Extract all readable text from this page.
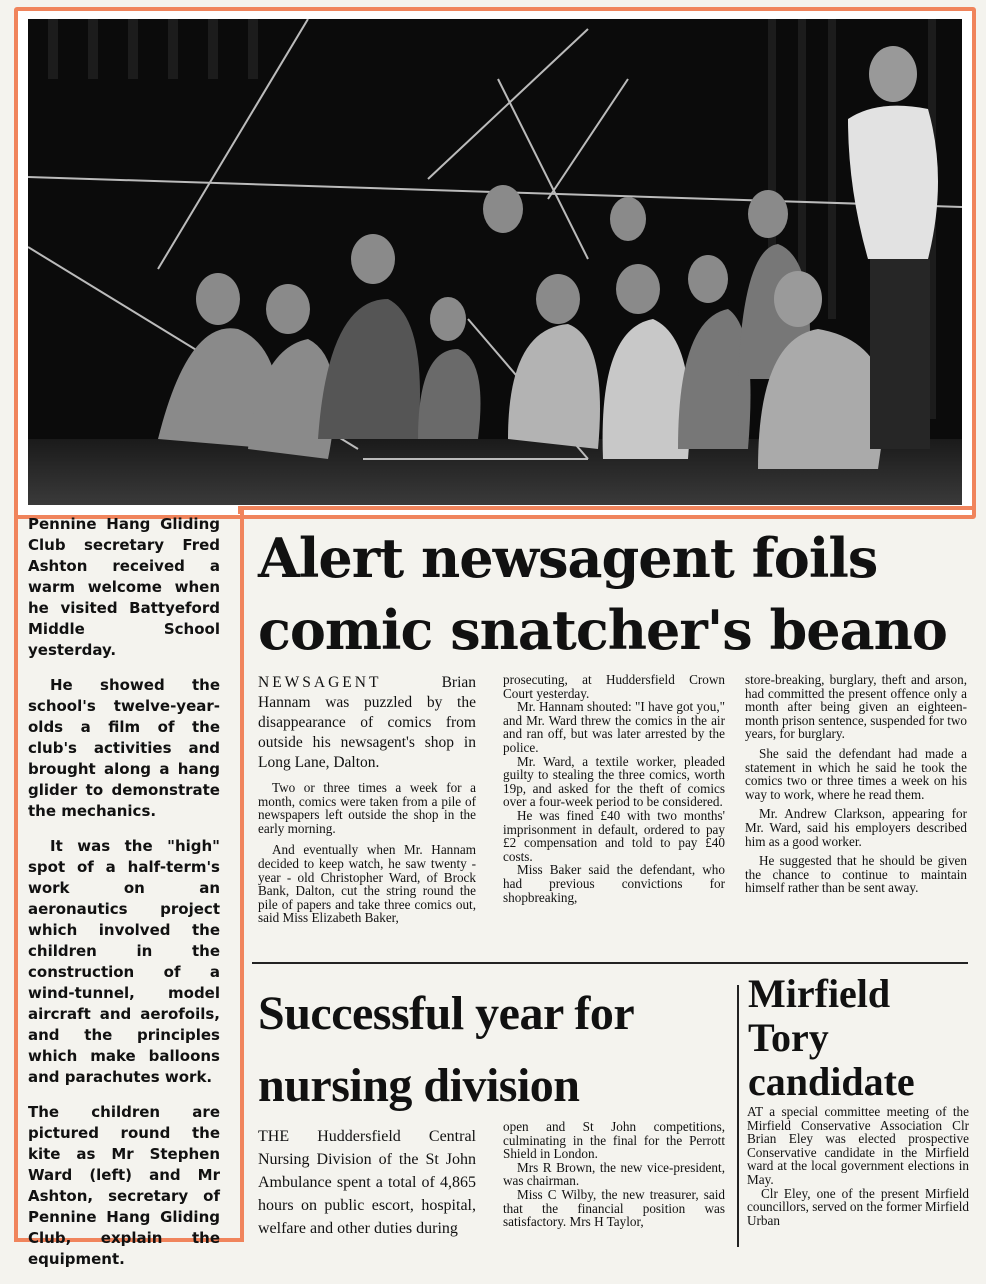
Pennine Hang Gliding Club secretary Fred Ashton received a warm welcome when he visited Battyeford Middle School yesterday.

He showed the school's twelve-year-olds a film of the club's activities and brought along a hang glider to demonstrate the mechanics.

It was the "high" spot of a half-term's work on an aeronautics project which involved the children in the construction of a wind-tunnel, model aircraft and aerofoils, and the principles which make balloons and parachutes work.

The children are pictured round the kite as Mr Stephen Ward (left) and Mr Ashton, secretary of Pennine Hang Gliding Club, explain the equipment.

Alert newsagent foils
comic snatcher's beano

NEWSAGENT Brian Hannam was puzzled by the disappearance of comics from outside his newsagent's shop in Long Lane, Dalton.

Two or three times a week for a month, comics were taken from a pile of newspapers left outside the shop in the early morning.

And eventually when Mr. Hannam decided to keep watch, he saw twenty - year - old Christopher Ward, of Brock Bank, Dalton, cut the string round the pile of papers and take three comics out, said Miss Elizabeth Baker,

prosecuting, at Huddersfield Crown Court yesterday.

Mr. Hannam shouted: "I have got you," and Mr. Ward threw the comics in the air and ran off, but was later arrested by the police.

Mr. Ward, a textile worker, pleaded guilty to stealing the three comics, worth 19p, and asked for the theft of comics over a four-week period to be considered.

He was fined £40 with two months' imprisonment in default, ordered to pay £2 compensation and told to pay £40 costs.

Miss Baker said the defendant, who had previous convictions for shopbreaking,

store-breaking, burglary, theft and arson, had committed the present offence only a month after being given an eighteen-month prison sentence, suspended for two years, for burglary.

She said the defendant had made a statement in which he said he took the comics two or three times a week on his way to work, where he read them.

Mr. Andrew Clarkson, appearing for Mr. Ward, said his employers described him as a good worker.

He suggested that he should be given the chance to continue to maintain himself rather than be sent away.

Successful year for
nursing division

THE Huddersfield Central Nursing Division of the St John Ambulance spent a total of 4,865 hours on public escort, hospital, welfare and other duties during

open and St John competitions, culminating in the final for the Perrott Shield in London.

Mrs R Brown, the new vice-president, was chairman.

Miss C Wilby, the new treasurer, said that the financial position was satisfactory. Mrs H Taylor,

Mirfield
Tory
candidate

AT a special committee meeting of the Mirfield Conservative Association Clr Brian Eley was elected prospective Conservative candidate in the Mirfield ward at the local government elections in May.

Clr Eley, one of the present Mirfield councillors, served on the former Mirfield Urban
